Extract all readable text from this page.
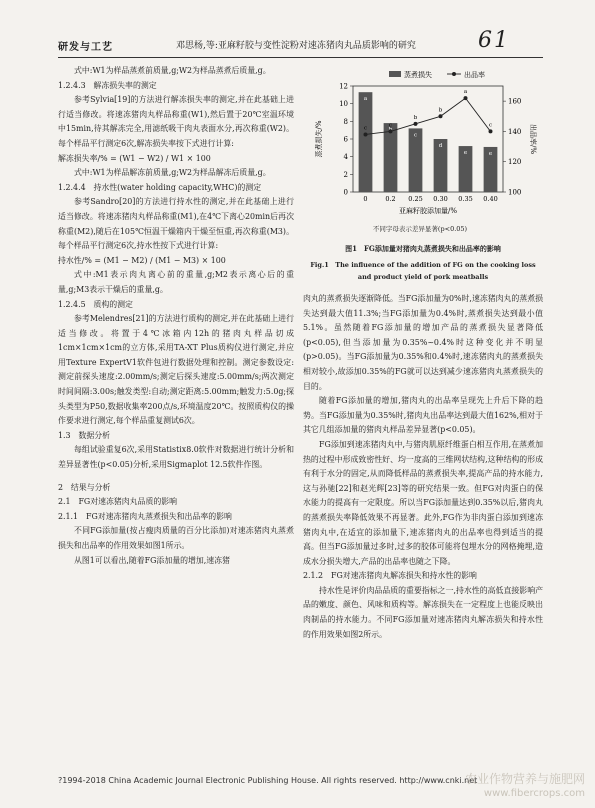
研发与工艺	邓思杨,等:亚麻籽胶与变性淀粉对速冻猪肉丸品质影响的研究	61

式中:W1为样品蒸煮前质量,g;W2为样品蒸煮后质量,g。

1.2.4.3　解冻损失率的测定

参考Sylvia[19]的方法进行解冻损失率的测定,并在此基础上进行适当修改。将速冻猪肉丸样品称重(W1),然后置于20℃室温环境中15min,待其解冻完全,用滤纸吸干肉丸表面水分,再次称重(W2)。每个样品平行测定6次,解冻损失率按下式进行计算:

解冻损失率/% = (W1 − W2) / W1 × 100

式中:W1为样品解冻前质量,g;W2为样品解冻后质量,g。

1.2.4.4　持水性(water holding capacity,WHC)的测定

参考Sandro[20]的方法进行持水性的测定,并在此基础上进行适当修改。将速冻猪肉丸样品称重(M1),在4℃下离心20min后再次称重(M2),随后在105℃恒温干燥箱内干燥至恒重,再次称重(M3)。每个样品平行测定6次,持水性按下式进行计算:

持水性/% = (M1 − M2) / (M1 − M3) × 100

式中:M1表示肉丸离心前的重量,g;M2表示离心后的重量,g;M3表示干燥后的重量,g。

1.2.4.5　质构的测定

参考Melendres[21]的方法进行质构的测定,并在此基础上进行适当修改。将置于4℃冰箱内12h的猪肉丸样品切成1cm×1cm×1cm的立方体,采用TA-XT Plus质构仪进行测定,并应用Texture ExpertV1软件包进行数据处理和控制。测定参数设定:测定前探头速度:2.00mm/s;测定后探头速度:5.00mm/s;两次测定时间间隔:3.00s;触发类型:自动;测定距离:5.00mm;触发力:5.0g;探头类型为P50,数据收集率200点/s,环境温度20℃。按照质构仪的操作要求进行测定,每个样品重复测试6次。

1.3　数据分析

每组试验重复6次,采用Statistix8.0软件对数据进行统计分析和差异显著性(p<0.05)分析,采用Sigmaplot 12.5软件作图。

2　结果与分析

2.1　FG对速冻猪肉丸品质的影响

2.1.1　FG对速冻猪肉丸蒸煮损失和出品率的影响

不同FG添加量(按占瘦肉质量的百分比添加)对速冻猪肉丸蒸煮损失和出品率的作用效果如图1所示。

从图1可以看出,随着FG添加量的增加,速冻猪

0
2
4
6
8
10
12
100
120
140
160
0	0.2 0.25 0.30 0.35 0.40
a
c
d
e	e
c
c
b
b
a
c
蒸煮损失	出品率
蒸煮损失/%	出品率/%
亚麻籽胶添加量/%
不同字母表示差异显著(p<0.05)
图1　FG添加量对猪肉丸蒸煮损失和出品率的影响
Fig.1　The influence of the addition of FG on the cooking loss and product yield of pork meatballs

肉丸的蒸煮损失逐渐降低。当FG添加量为0%时,速冻猪肉丸的蒸煮损失达到最大值11.3%;当FG添加量为0.4%时,蒸煮损失达到最小值5.1%。虽然随着FG添加量的增加产品的蒸煮损失显著降低(p<0.05),但当添加量为0.35%~0.4%时这种变化并不明显(p>0.05)。当FG添加量为0.35%和0.4%时,速冻猪肉丸的蒸煮损失相对较小,故添加0.35%的FG就可以达到减少速冻猪肉丸蒸煮损失的目的。

随着FG添加量的增加,猪肉丸的出品率呈现先上升后下降的趋势。当FG添加量为0.35%时,猪肉丸出品率达到最大值162%,相对于其它几组添加量的猪肉丸样品差异显著(p<0.05)。

FG添加到速冻猪肉丸中,与猪肉肌原纤维蛋白相互作用,在蒸煮加热的过程中形成致密性好、均一度高的三维网状结构,这种结构的形成有利于水分的固定,从而降低样品的蒸煮损失率,提高产品的持水能力,这与孙驰[22]和赵光辉[23]等的研究结果一致。但FG对肉蛋白的保水能力的提高有一定限度。所以当FG添加量达到0.35%以后,猪肉丸的蒸煮损失率降低效果不再显著。此外,FG作为非肉蛋白添加到速冻猪肉丸中,在适宜的添加量下,速冻猪肉丸的出品率也得到适当的提高。但当FG添加量过多时,过多的胶体可能将包埋水分的网格掩埋,造成水分损失增大,产品的出品率也随之下降。

2.1.2　FG对速冻猪肉丸解冻损失和持水性的影响

持水性是评价肉品品质的重要指标之一,持水性的高低直接影响产品的嫩度、颜色、风味和质构等。解冻损失在一定程度上也能反映出肉制品的持水能力。不同FG添加量对速冻猪肉丸解冻损失和持水性的作用效果如图2所示。

?1994-2018 China Academic Journal Electronic Publishing House. All rights reserved. http://www.cnki.net
农业作物营养与施肥网
www.fibercrops.com
